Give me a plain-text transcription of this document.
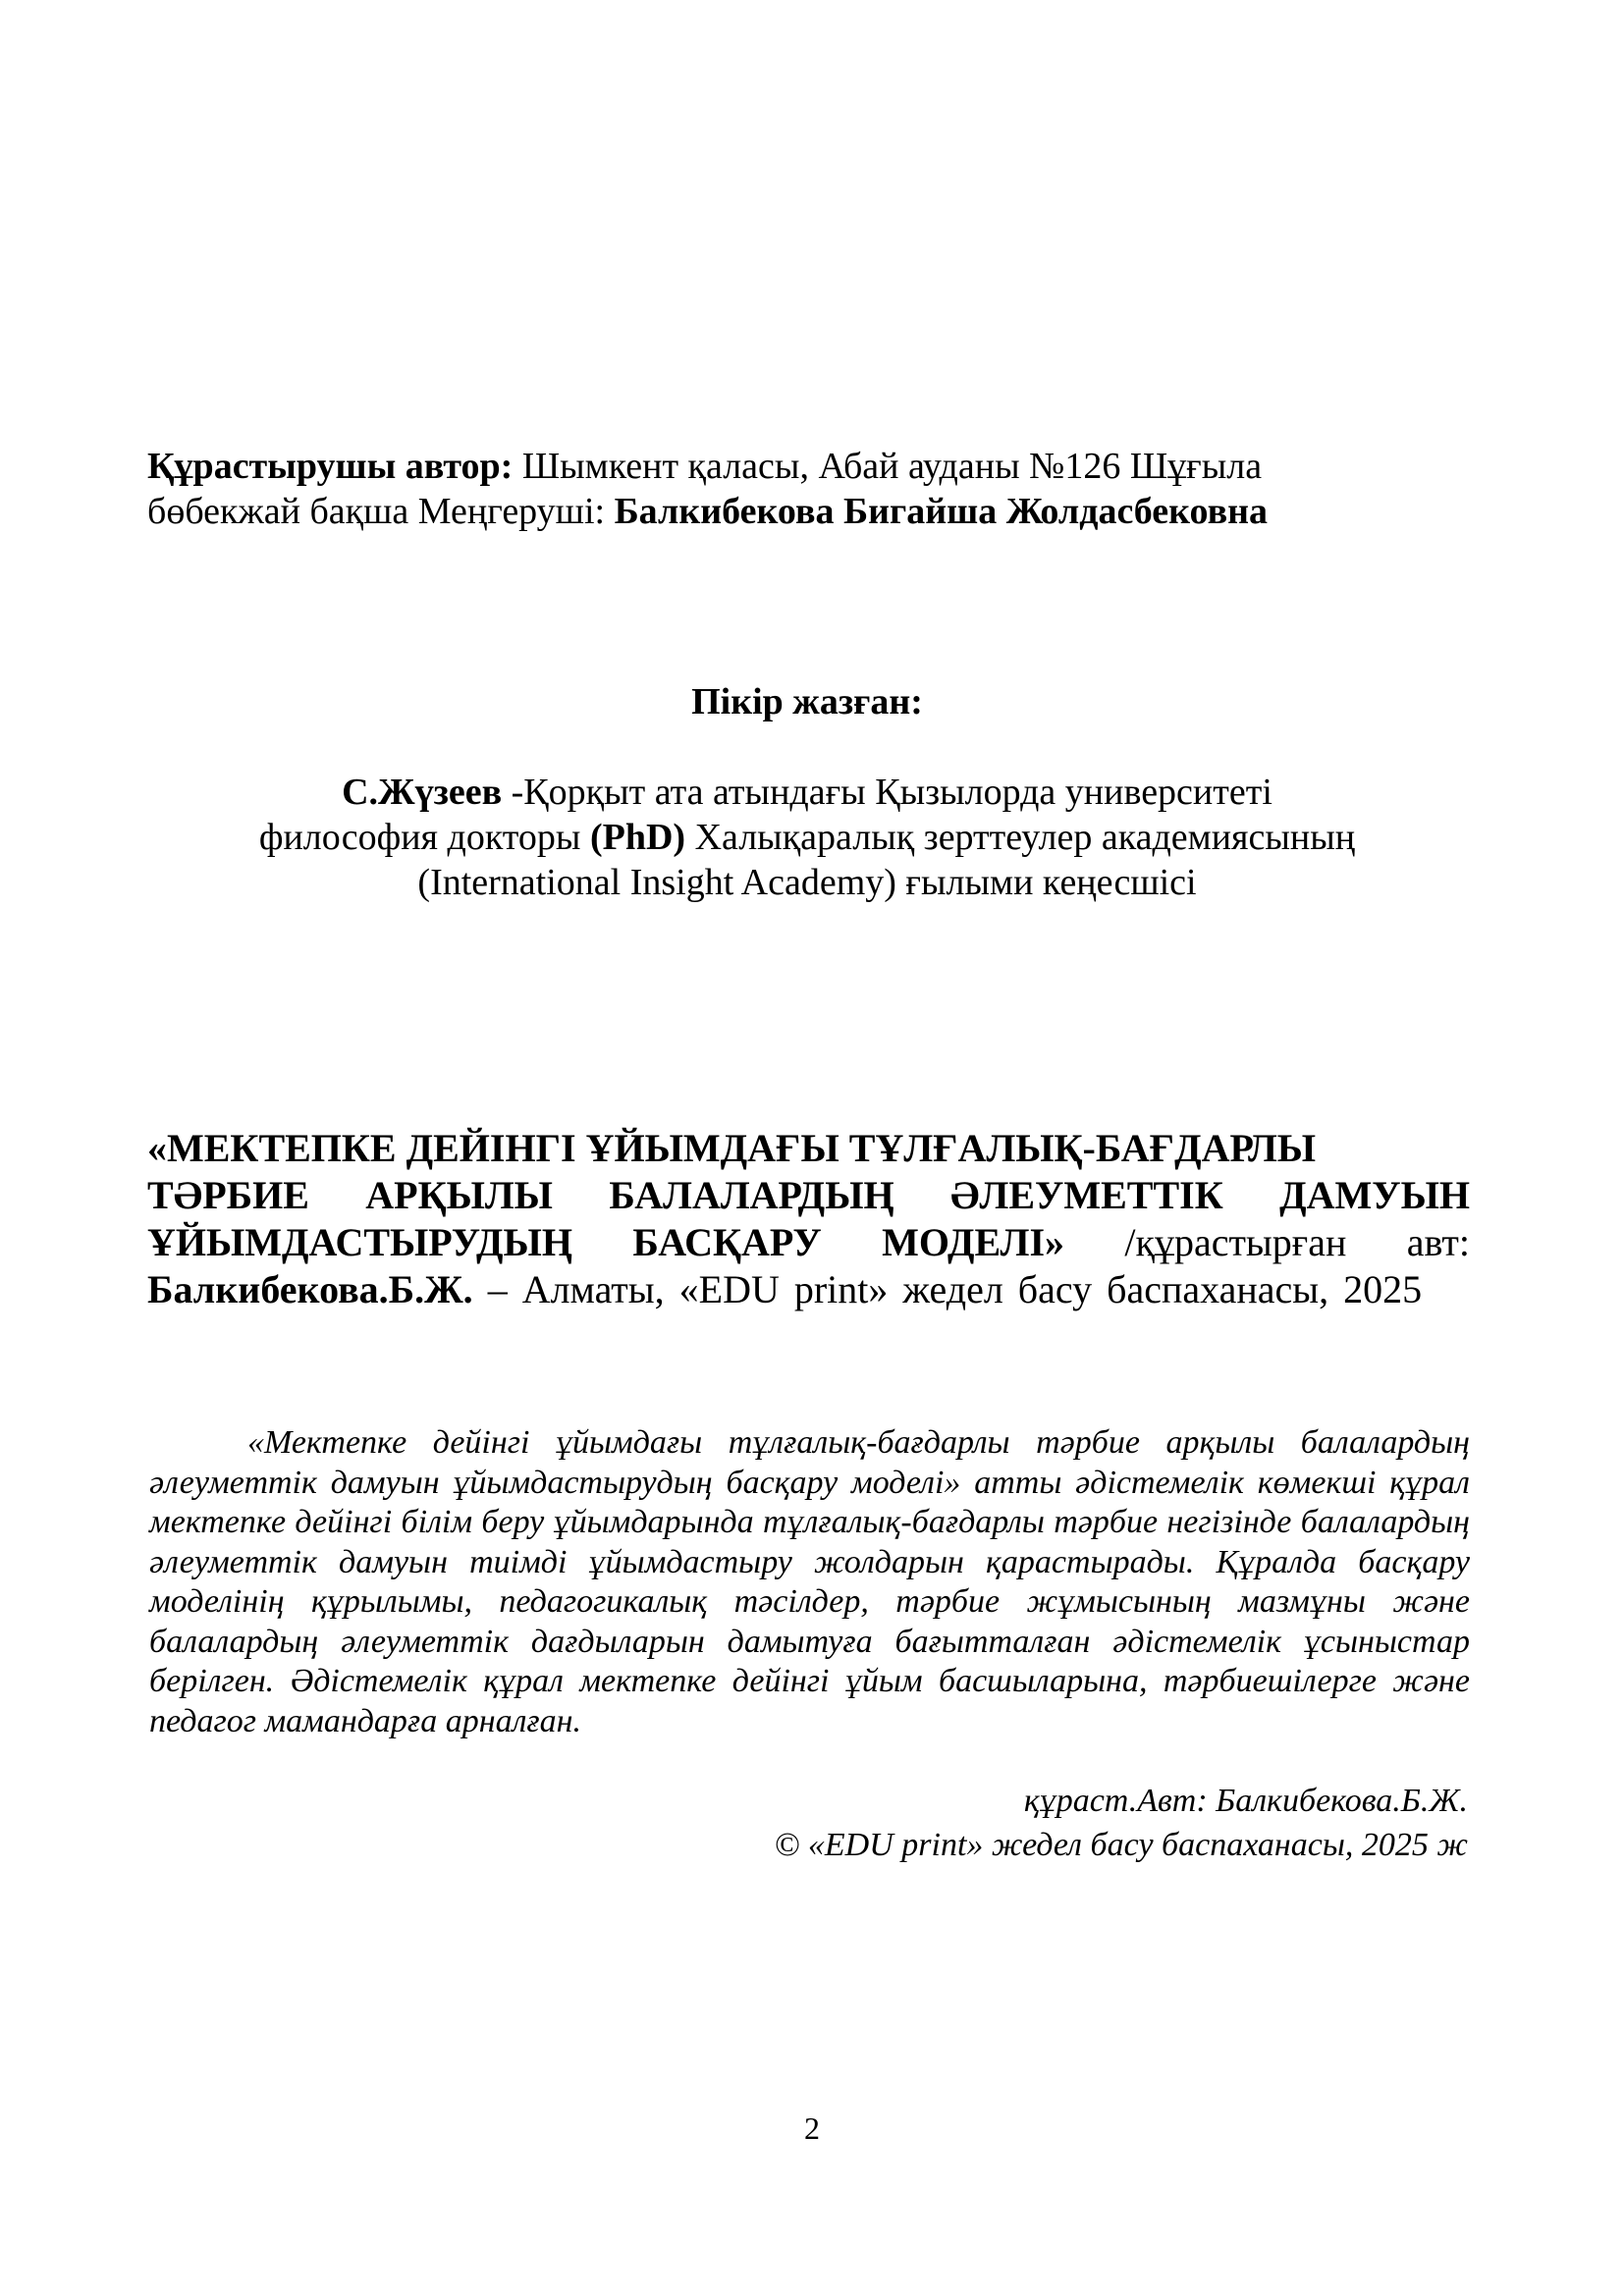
Құрастырушы автор: Шымкент қаласы, Абай ауданы №126 Шұғыла
бөбекжай бақша Меңгеруші: Балкибекова Бигайша Жолдасбековна
Пікір жазған:
С.Жүзеев -Қорқыт ата атындағы Қызылорда университеті
философия докторы (PhD) Халықаралық зерттеулер академиясының
(International Insight Academy) ғылыми кеңесшісі
«МЕКТЕПКЕ ДЕЙІНГІ ҰЙЫМДАҒЫ ТҰЛҒАЛЫҚ-БАҒДАРЛЫ
ТӘРБИЕ АРҚЫЛЫ БАЛАЛАРДЫҢ ӘЛЕУМЕТТІК ДАМУЫН
ҰЙЫМДАСТЫРУДЫҢ БАСҚАРУ МОДЕЛІ» /құрастырған авт:
Балкибекова.Б.Ж. – Алматы, «EDU print» жедел басу баспаханасы, 2025

«Мектепке дейінгі ұйымдағы тұлғалық-бағдарлы тәрбие арқылы балалардың әлеуметтік дамуын ұйымдастырудың басқару моделі» атты әдістемелік көмекші құрал мектепке дейінгі білім беру ұйымдарында тұлғалық-бағдарлы тәрбие негізінде балалардың әлеуметтік дамуын тиімді ұйымдастыру жолдарын қарастырады. Құралда басқару моделінің құрылымы, педагогикалық тәсілдер, тәрбие жұмысының мазмұны және балалардың әлеуметтік дағдыларын дамытуға бағытталған әдістемелік ұсыныстар берілген. Әдістемелік құрал мектепке дейінгі ұйым басшыларына, тәрбиешілерге және педагог мамандарға арналған.

құраст.Авт: Балкибекова.Б.Ж.
© «EDU print» жедел басу баспаханасы, 2025 ж
2
